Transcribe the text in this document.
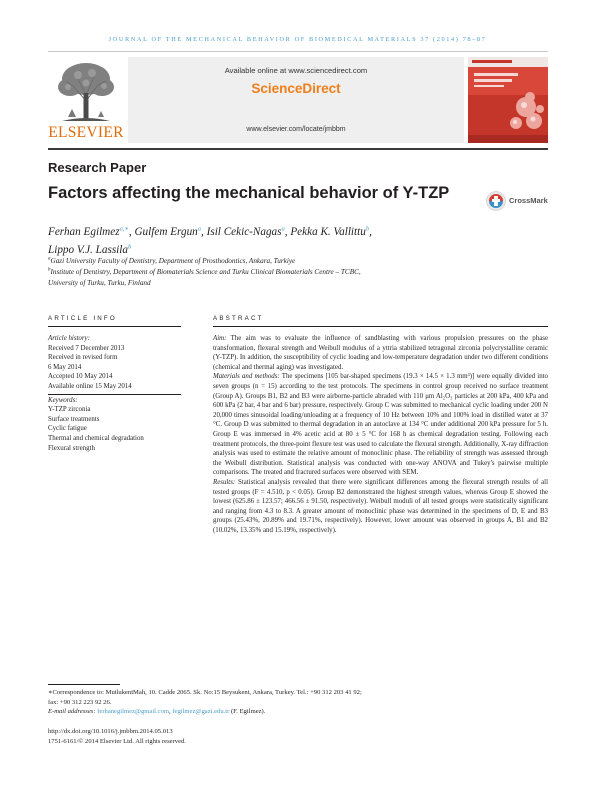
JOURNAL OF THE MECHANICAL BEHAVIOR OF BIOMEDICAL MATERIALS 37 (2014) 78–87
ELSEVIER
Available online at www.sciencedirect.com
ScienceDirect
www.elsevier.com/locate/jmbbm
Research Paper
Factors affecting the mechanical behavior of Y-TZP	CrossMark
Ferhan Egilmez$^{a,∗}$, Gulfem Ergun$^a$, Isil Cekic-Nagas$^a$, Pekka K. Vallittu$^b$,
Lippo V.J. Lassila$^b$
$^a$Gazi University Faculty of Dentistry, Department of Prosthodontics, Ankara, Turkiye
$^b$Institute of Dentistry, Department of Biomaterials Science and Turku Clinical Biomaterials Centre – TCBC,
University of Turku, Turku, Finland
ARTICLE INFO
Article history:
Received 7 December 2013
Received in revised form
6 May 2014
Accepted 10 May 2014
Available online 15 May 2014
Keywords:
Y-TZP zirconia
Surface treatments
Cyclic fatigue
Thermal and chemical degradation
Flexural strength
ABSTRACT

Aim: The aim was to evaluate the influence of sandblasting with various propulsion pressures on the phase transformation, flexural strength and Weibull modulus of a yttria stabilized tetragonal zirconia polycrystalline ceramic (Y-TZP). In addition, the susceptibility of cyclic loading and low-temperature degradation under two different conditions (chemical and thermal aging) was investigated.

Materials and methods: The specimens [105 bar-shaped specimens (19.3 × 14.5 × 1.3 mm³)] were equally divided into seven groups (n = 15) according to the test protocols. The specimens in control group received no surface treatment (Group A). Groups B1, B2 and B3 were airborne-particle abraded with 110 μm Al₂O₃ particles at 200 kPa, 400 kPa and 600 kPa (2 bar, 4 bar and 6 bar) pressure, respectively. Group C was submitted to mechanical cyclic loading under 200 N 20,000 times sinusoidal loading/unloading at a frequency of 10 Hz between 10% and 100% load in distilled water at 37 °C. Group D was submitted to thermal degradation in an autoclave at 134 °C under additional 200 kPa pressure for 5 h. Group E was immersed in 4% acetic acid at 80 ± 5 °C for 168 h as chemical degradation testing. Following each treatment protocols, the three-point flexure test was used to calculate the flexural strength. Additionally, X-ray diffraction analysis was used to estimate the relative amount of monoclinic phase. The reliability of strength was assessed through the Weibull distribution. Statistical analysis was conducted with one-way ANOVA and Tukey's pairwise multiple comparisons. The treated and fractured surfaces were observed with SEM.

Results: Statistical analysis revealed that there were significant differences among the flexural strength results of all tested groups (F = 4.510, p < 0.05). Group B2 demonstrated the highest strength values, whereas Group E showed the lowest (625.86 ± 123.57; 466.56 ± 91.50, respectively). Weibull moduli of all tested groups were statistically significant and ranging from 4.3 to 8.3. A greater amount of monoclinic phase was determined in the specimens of D, E and B3 groups (25.43%, 20.89% and 19.71%, respectively). However, lower amount was observed in groups A, B1 and B2 (10.02%, 13.35% and 15.19%, respectively).

∗Correspondence to: MutlukentMah, 10. Cadde 2065. Sk. No:15 Beysukent, Ankara, Turkey. Tel.: +90 312 203 41 92;
fax: +90 312 223 92 26.
E-mail addresses: ferhanegilmez@gmail.com, fegilmez@gazi.edu.tr (F. Egilmez).
http://dx.doi.org/10.1016/j.jmbbm.2014.05.013
1751-6161/© 2014 Elsevier Ltd. All rights reserved.
